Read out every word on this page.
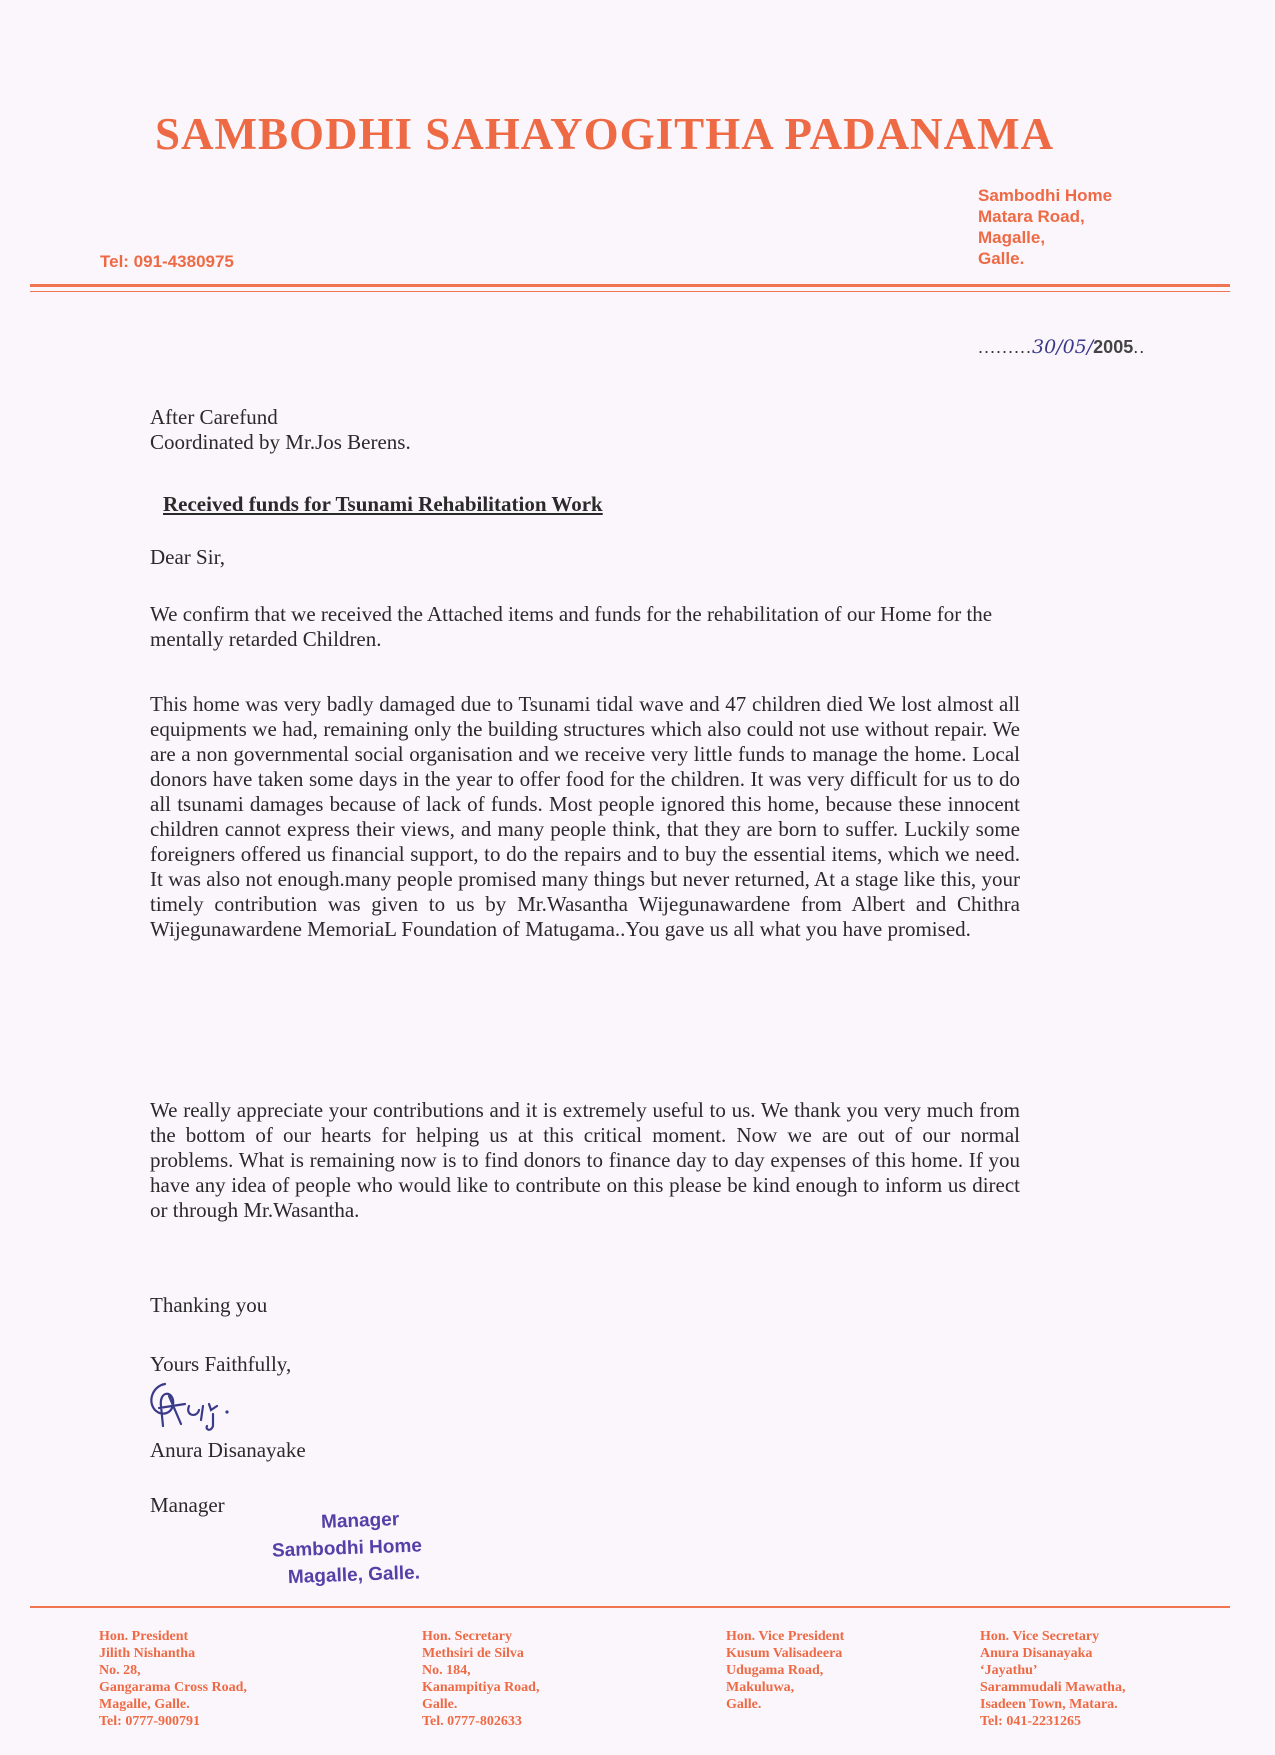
SAMBODHI SAHAYOGITHA PADANAMA
Sambodhi Home
Matara Road,
Magalle,
Galle.
Tel: 091-4380975
.........30/05/2005..
After Carefund
Coordinated by Mr.Jos Berens.
Received funds for Tsunami Rehabilitation Work
Dear Sir,
We confirm that we received the Attached items and funds for the rehabilitation of our Home for the mentally retarded Children.
This home was very badly damaged due to Tsunami tidal wave and 47 children died We lost almost all equipments we had, remaining only the building structures which also could not use without repair. We are a non governmental social organisation and we receive very little funds to manage the home. Local donors have taken some days in the year to offer food for the children. It was very difficult for us to do all tsunami damages because of lack of funds. Most people ignored this home, because these innocent children cannot express their views, and many people think, that they are born to suffer. Luckily some foreigners offered us financial support, to do the repairs and to buy the essential items, which we need. It was also not enough.many people promised many things but never returned, At a stage like this, your timely contribution was given to us by Mr.Wasantha Wijegunawardene from Albert and Chithra Wijegunawardene MemoriaL Foundation of Matugama..You gave us all what you have promised.
We really appreciate your contributions and it is extremely useful to us. We thank you very much from the bottom of our hearts for helping us at this critical moment. Now we are out of our normal problems. What is remaining now is to find donors to finance day to day expenses of this home. If you have any idea of people who would like to contribute on this please be kind enough to inform us direct or through Mr.Wasantha.
Thanking you
Yours Faithfully,
Anura Disanayake
Manager
Manager
Sambodhi Home
Magalle, Galle.
Hon. President
Jilith Nishantha
No. 28,
Gangarama Cross Road,
Magalle, Galle.
Tel: 0777-900791
Hon. Secretary
Methsiri de Silva
No. 184,
Kanampitiya Road,
Galle.
Tel. 0777-802633
Hon. Vice President
Kusum Valisadeera
Udugama Road,
Makuluwa,
Galle.
Hon. Vice Secretary
Anura Disanayaka
‘Jayathu’
Sarammudali Mawatha,
Isadeen Town, Matara.
Tel: 041-2231265
